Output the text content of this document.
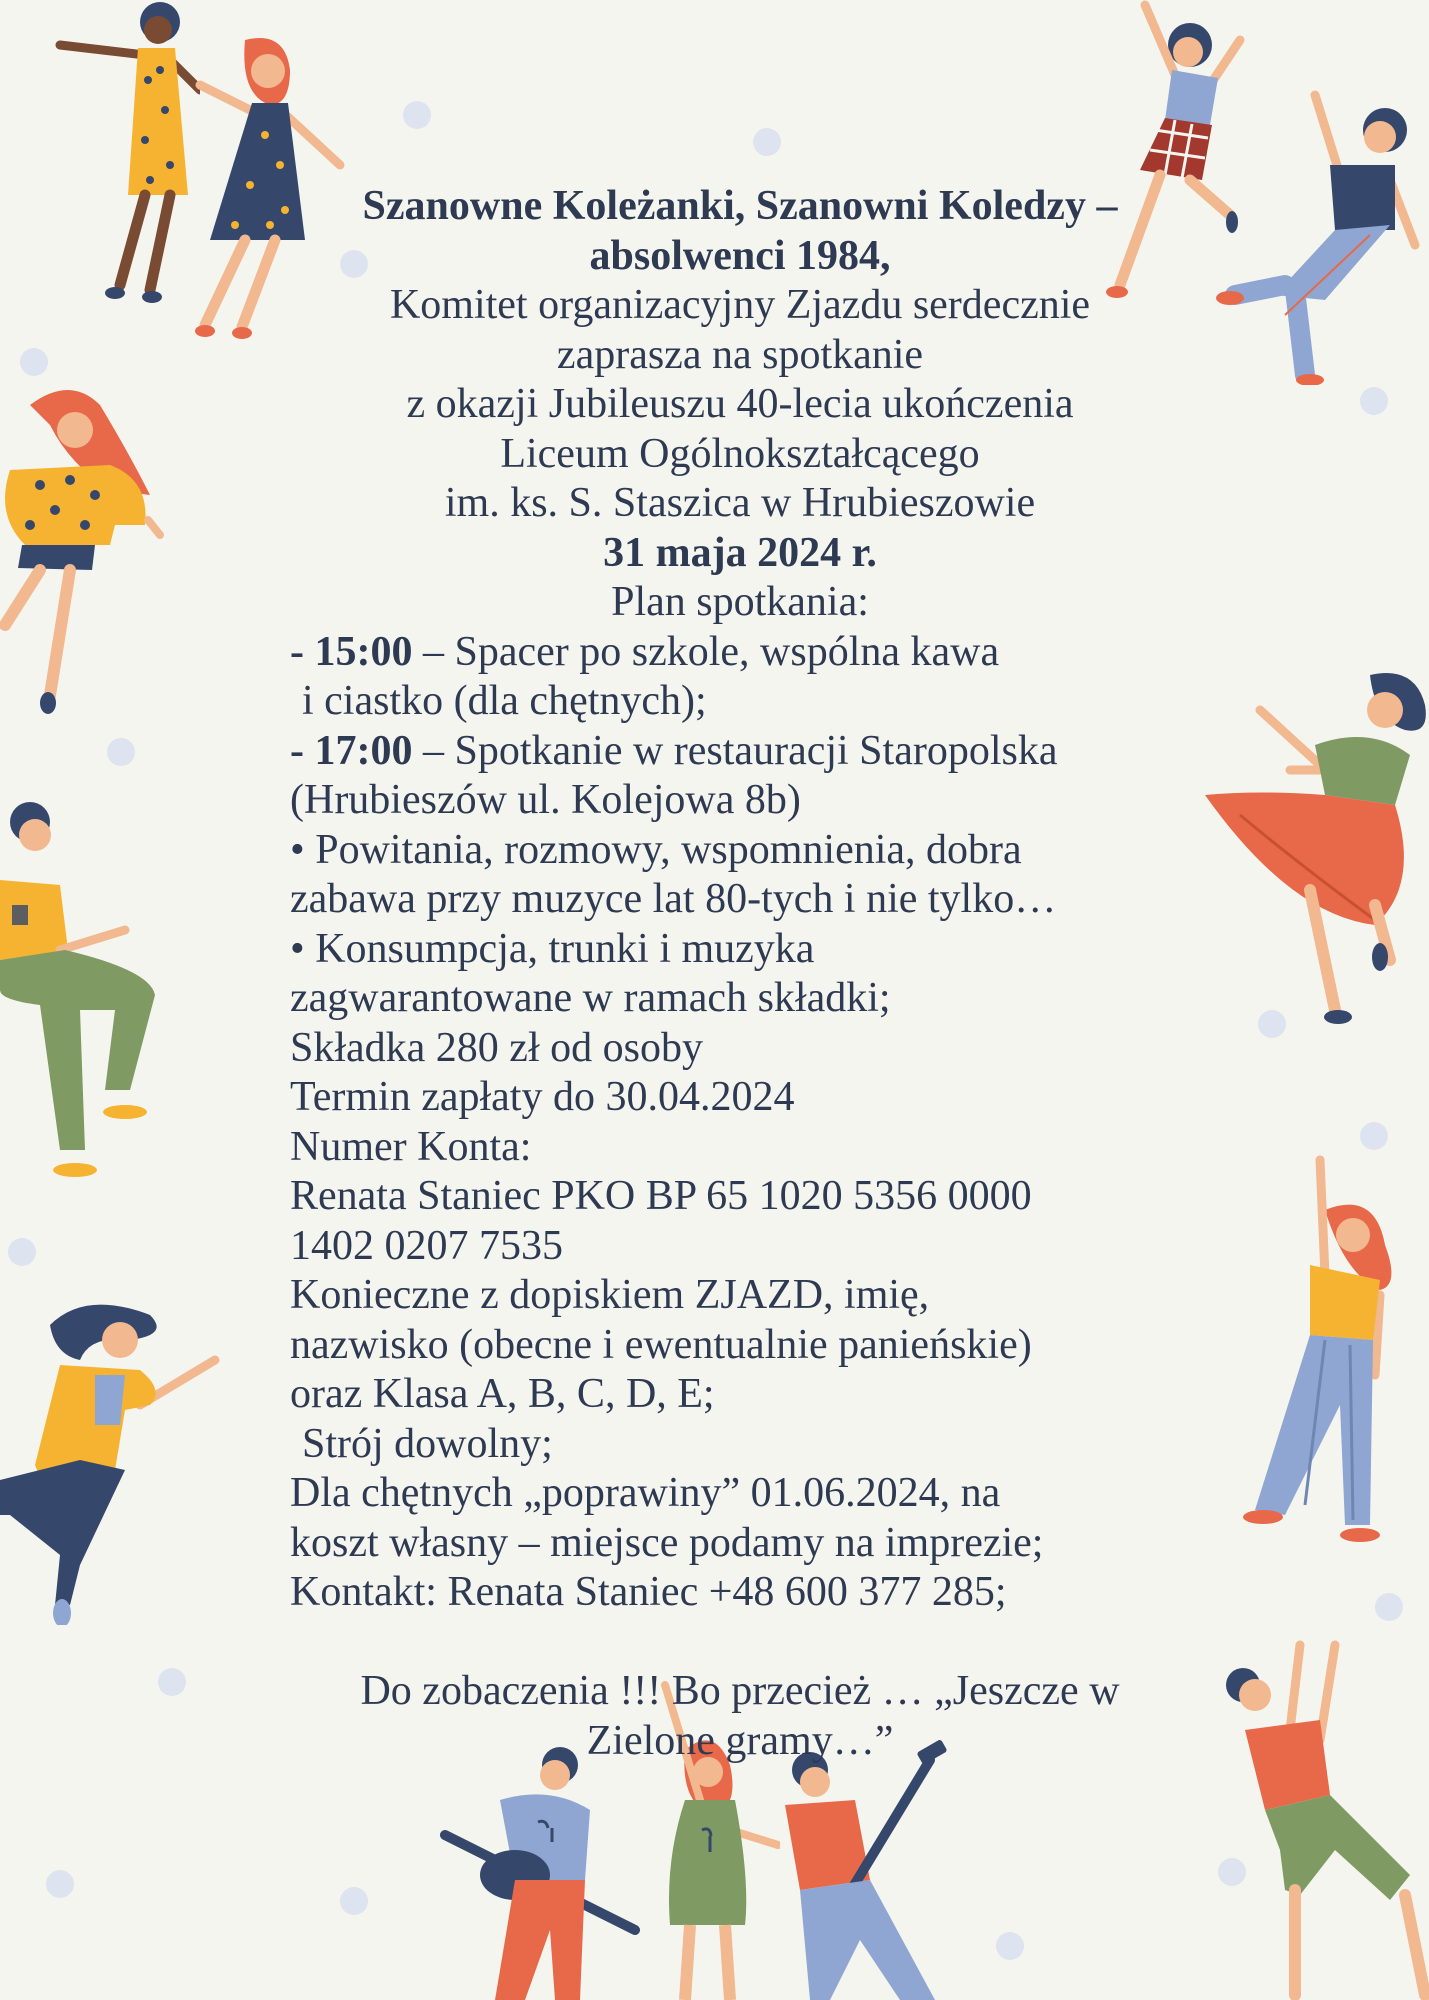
Szanowne Koleżanki, Szanowni Koledzy –
absolwenci 1984,
Komitet organizacyjny Zjazdu serdecznie
zaprasza na spotkanie
z okazji Jubileuszu 40-lecia ukończenia
Liceum Ogólnokształcącego
im. ks. S. Staszica w Hrubieszowie
31 maja 2024 r.
Plan spotkania:
- 15:00 – Spacer po szkole, wspólna kawa
i ciastko (dla chętnych);
- 17:00 – Spotkanie w restauracji Staropolska
(Hrubieszów ul. Kolejowa 8b)
• Powitania, rozmowy, wspomnienia, dobra
zabawa przy muzyce lat 80-tych i nie tylko…
• Konsumpcja, trunki i muzyka
zagwarantowane w ramach składki;
Składka 280 zł od osoby
Termin zapłaty do 30.04.2024
Numer Konta:
Renata Staniec PKO BP 65 1020 5356 0000
1402 0207 7535
Konieczne z dopiskiem ZJAZD, imię,
nazwisko (obecne i ewentualnie panieńskie)
oraz Klasa A, B, C, D, E;
Strój dowolny;
Dla chętnych „poprawiny” 01.06.2024, na
koszt własny – miejsce podamy na imprezie;
Kontakt: Renata Staniec +48 600 377 285;
Do zobaczenia !!! Bo przecież … „Jeszcze w
Zielone gramy…”
